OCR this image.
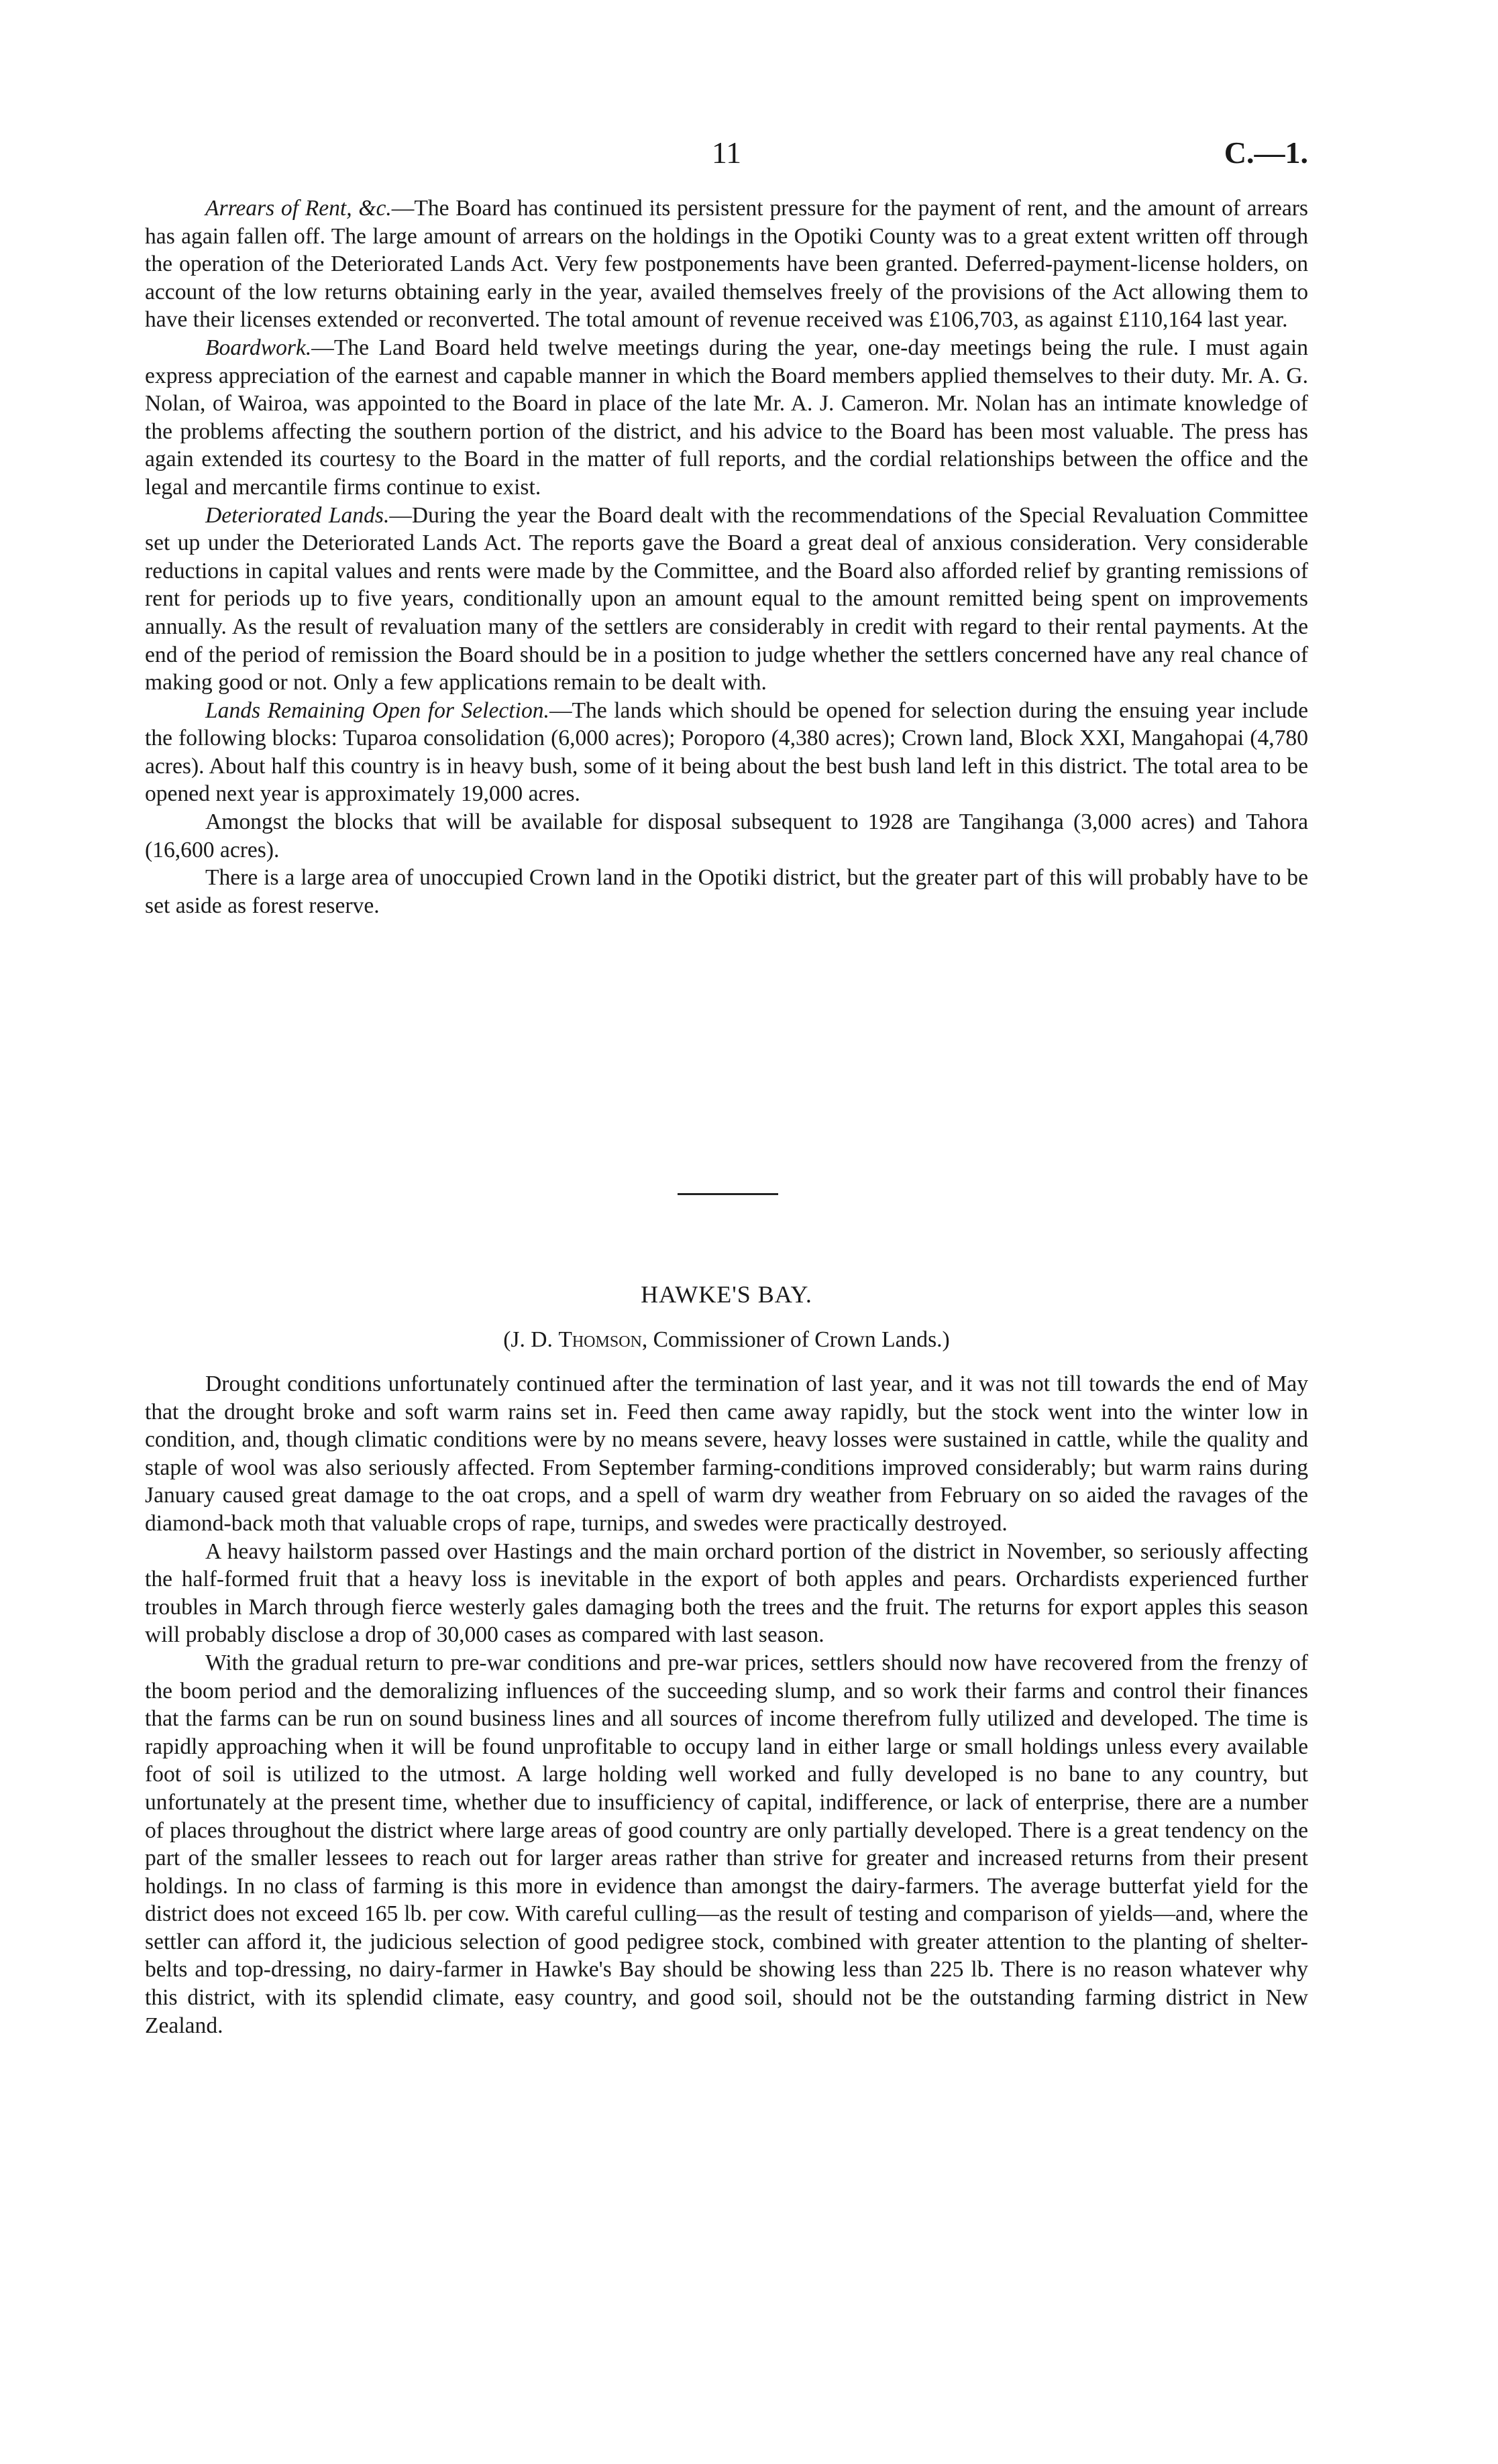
11	C.—1.

Arrears of Rent, &c.—The Board has continued its persistent pressure for the payment of rent, and the amount of arrears has again fallen off. The large amount of arrears on the holdings in the Opotiki County was to a great extent written off through the operation of the Deteriorated Lands Act. Very few postponements have been granted. Deferred-payment-license holders, on account of the low returns obtaining early in the year, availed themselves freely of the provisions of the Act allowing them to have their licenses extended or reconverted. The total amount of revenue received was £106,703, as against £110,164 last year.

Boardwork.—The Land Board held twelve meetings during the year, one-day meetings being the rule. I must again express appreciation of the earnest and capable manner in which the Board members applied themselves to their duty. Mr. A. G. Nolan, of Wairoa, was appointed to the Board in place of the late Mr. A. J. Cameron. Mr. Nolan has an intimate knowledge of the problems affecting the southern portion of the district, and his advice to the Board has been most valuable. The press has again extended its courtesy to the Board in the matter of full reports, and the cordial relationships between the office and the legal and mercantile firms continue to exist.

Deteriorated Lands.—During the year the Board dealt with the recommendations of the Special Revaluation Committee set up under the Deteriorated Lands Act. The reports gave the Board a great deal of anxious consideration. Very considerable reductions in capital values and rents were made by the Committee, and the Board also afforded relief by granting remissions of rent for periods up to five years, conditionally upon an amount equal to the amount remitted being spent on improvements annually. As the result of revaluation many of the settlers are considerably in credit with regard to their rental payments. At the end of the period of remission the Board should be in a position to judge whether the settlers concerned have any real chance of making good or not. Only a few applications remain to be dealt with.

Lands Remaining Open for Selection.—The lands which should be opened for selection during the ensuing year include the following blocks: Tuparoa consolidation (6,000 acres); Poroporo (4,380 acres); Crown land, Block XXI, Mangahopai (4,780 acres). About half this country is in heavy bush, some of it being about the best bush land left in this district. The total area to be opened next year is approximately 19,000 acres.

Amongst the blocks that will be available for disposal subsequent to 1928 are Tangihanga (3,000 acres) and Tahora (16,600 acres).

There is a large area of unoccupied Crown land in the Opotiki district, but the greater part of this will probably have to be set aside as forest reserve.

HAWKE'S BAY.
(J. D. Thomson, Commissioner of Crown Lands.)

Drought conditions unfortunately continued after the termination of last year, and it was not till towards the end of May that the drought broke and soft warm rains set in. Feed then came away rapidly, but the stock went into the winter low in condition, and, though climatic conditions were by no means severe, heavy losses were sustained in cattle, while the quality and staple of wool was also seriously affected. From September farming-conditions improved considerably; but warm rains during January caused great damage to the oat crops, and a spell of warm dry weather from February on so aided the ravages of the diamond-back moth that valuable crops of rape, turnips, and swedes were practically destroyed.

A heavy hailstorm passed over Hastings and the main orchard portion of the district in November, so seriously affecting the half-formed fruit that a heavy loss is inevitable in the export of both apples and pears. Orchardists experienced further troubles in March through fierce westerly gales damaging both the trees and the fruit. The returns for export apples this season will probably disclose a drop of 30,000 cases as compared with last season.

With the gradual return to pre-war conditions and pre-war prices, settlers should now have recovered from the frenzy of the boom period and the demoralizing influences of the succeeding slump, and so work their farms and control their finances that the farms can be run on sound business lines and all sources of income therefrom fully utilized and developed. The time is rapidly approaching when it will be found unprofitable to occupy land in either large or small holdings unless every available foot of soil is utilized to the utmost. A large holding well worked and fully developed is no bane to any country, but unfortunately at the present time, whether due to insufficiency of capital, indifference, or lack of enterprise, there are a number of places throughout the district where large areas of good country are only partially developed. There is a great tendency on the part of the smaller lessees to reach out for larger areas rather than strive for greater and increased returns from their present holdings. In no class of farming is this more in evidence than amongst the dairy-farmers. The average butterfat yield for the district does not exceed 165 lb. per cow. With careful culling—as the result of testing and comparison of yields—and, where the settler can afford it, the judicious selection of good pedigree stock, combined with greater attention to the planting of shelter-belts and top-dressing, no dairy-farmer in Hawke's Bay should be showing less than 225 lb. There is no reason whatever why this district, with its splendid climate, easy country, and good soil, should not be the outstanding farming district in New Zealand.
